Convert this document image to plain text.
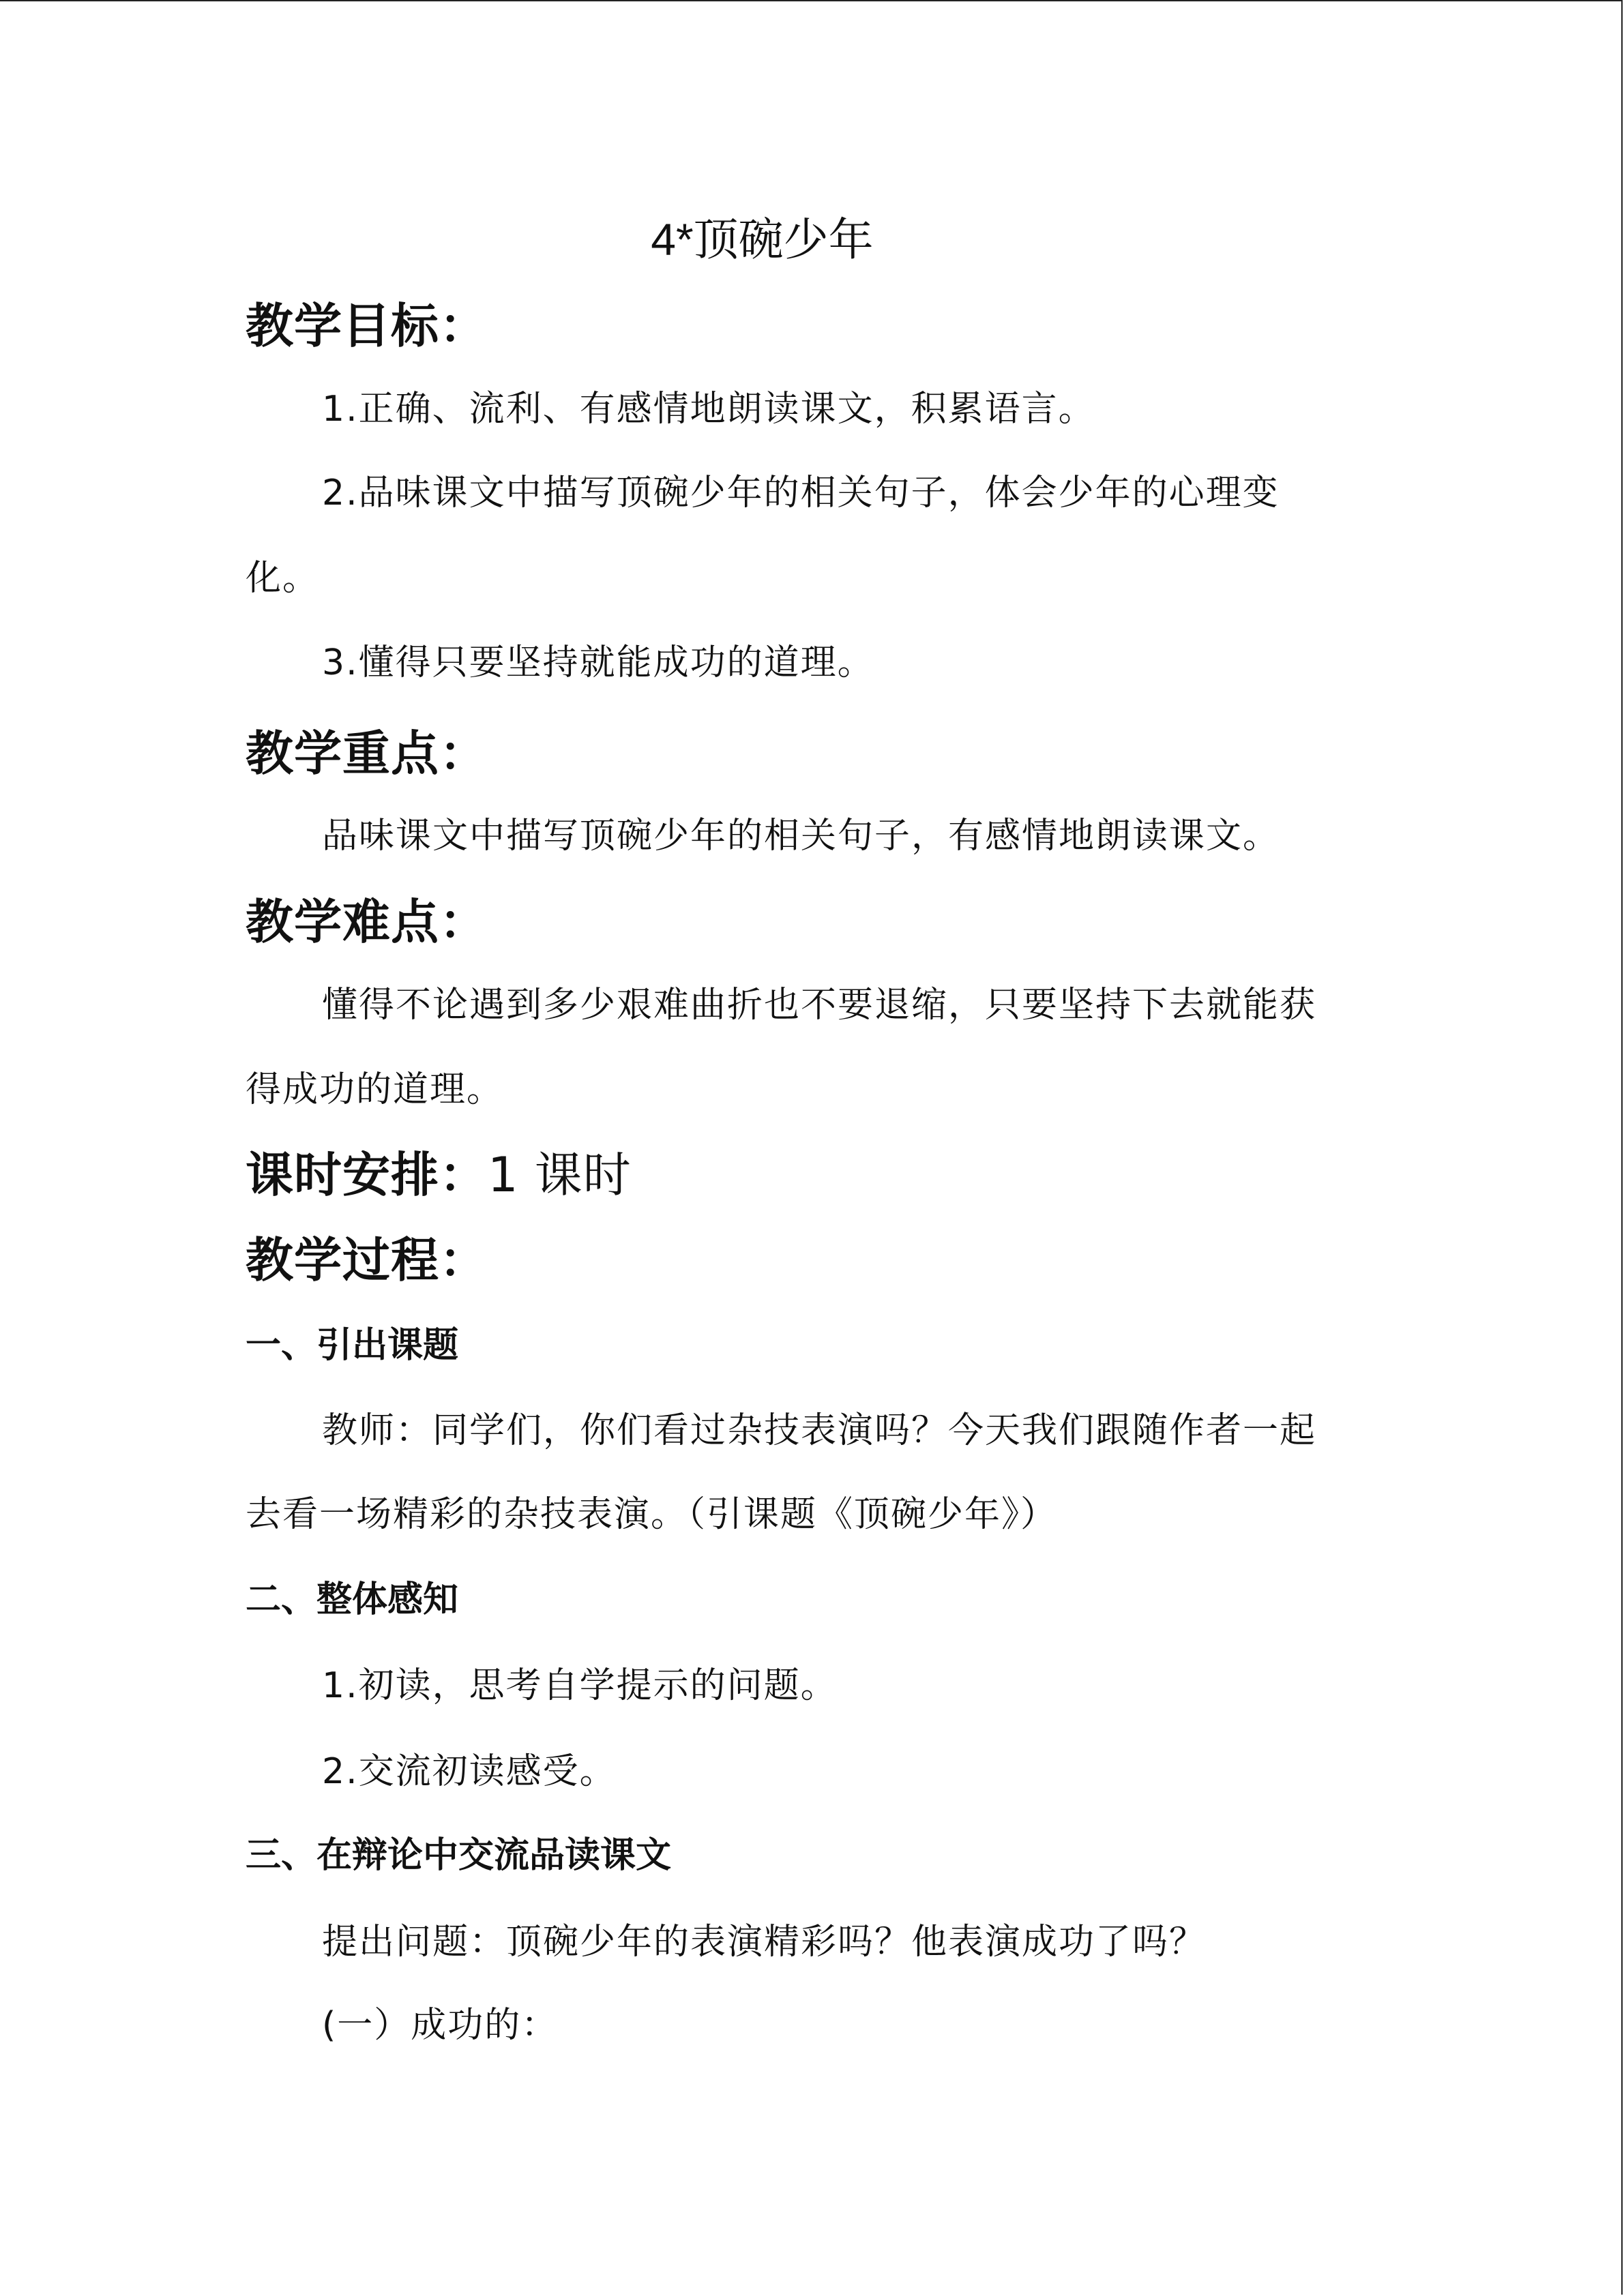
4*顶碗少年
教学目标：
1.正确、流利、有感情地朗读课文，积累语言。
2.品味课文中描写顶碗少年的相关句子，体会少年的心理变
化。
3.懂得只要坚持就能成功的道理。
教学重点：
品味课文中描写顶碗少年的相关句子，有感情地朗读课文。
教学难点：
懂得不论遇到多少艰难曲折也不要退缩，只要坚持下去就能获
得成功的道理。
课时安排：1 课时
教学过程：
一、引出课题
教师：同学们，你们看过杂技表演吗？今天我们跟随作者一起
去看一场精彩的杂技表演。（引课题《顶碗少年》）
二、整体感知
1.初读，思考自学提示的问题。
2.交流初读感受。
三、在辩论中交流品读课文
提出问题：顶碗少年的表演精彩吗？他表演成功了吗？
(一）成功的：
